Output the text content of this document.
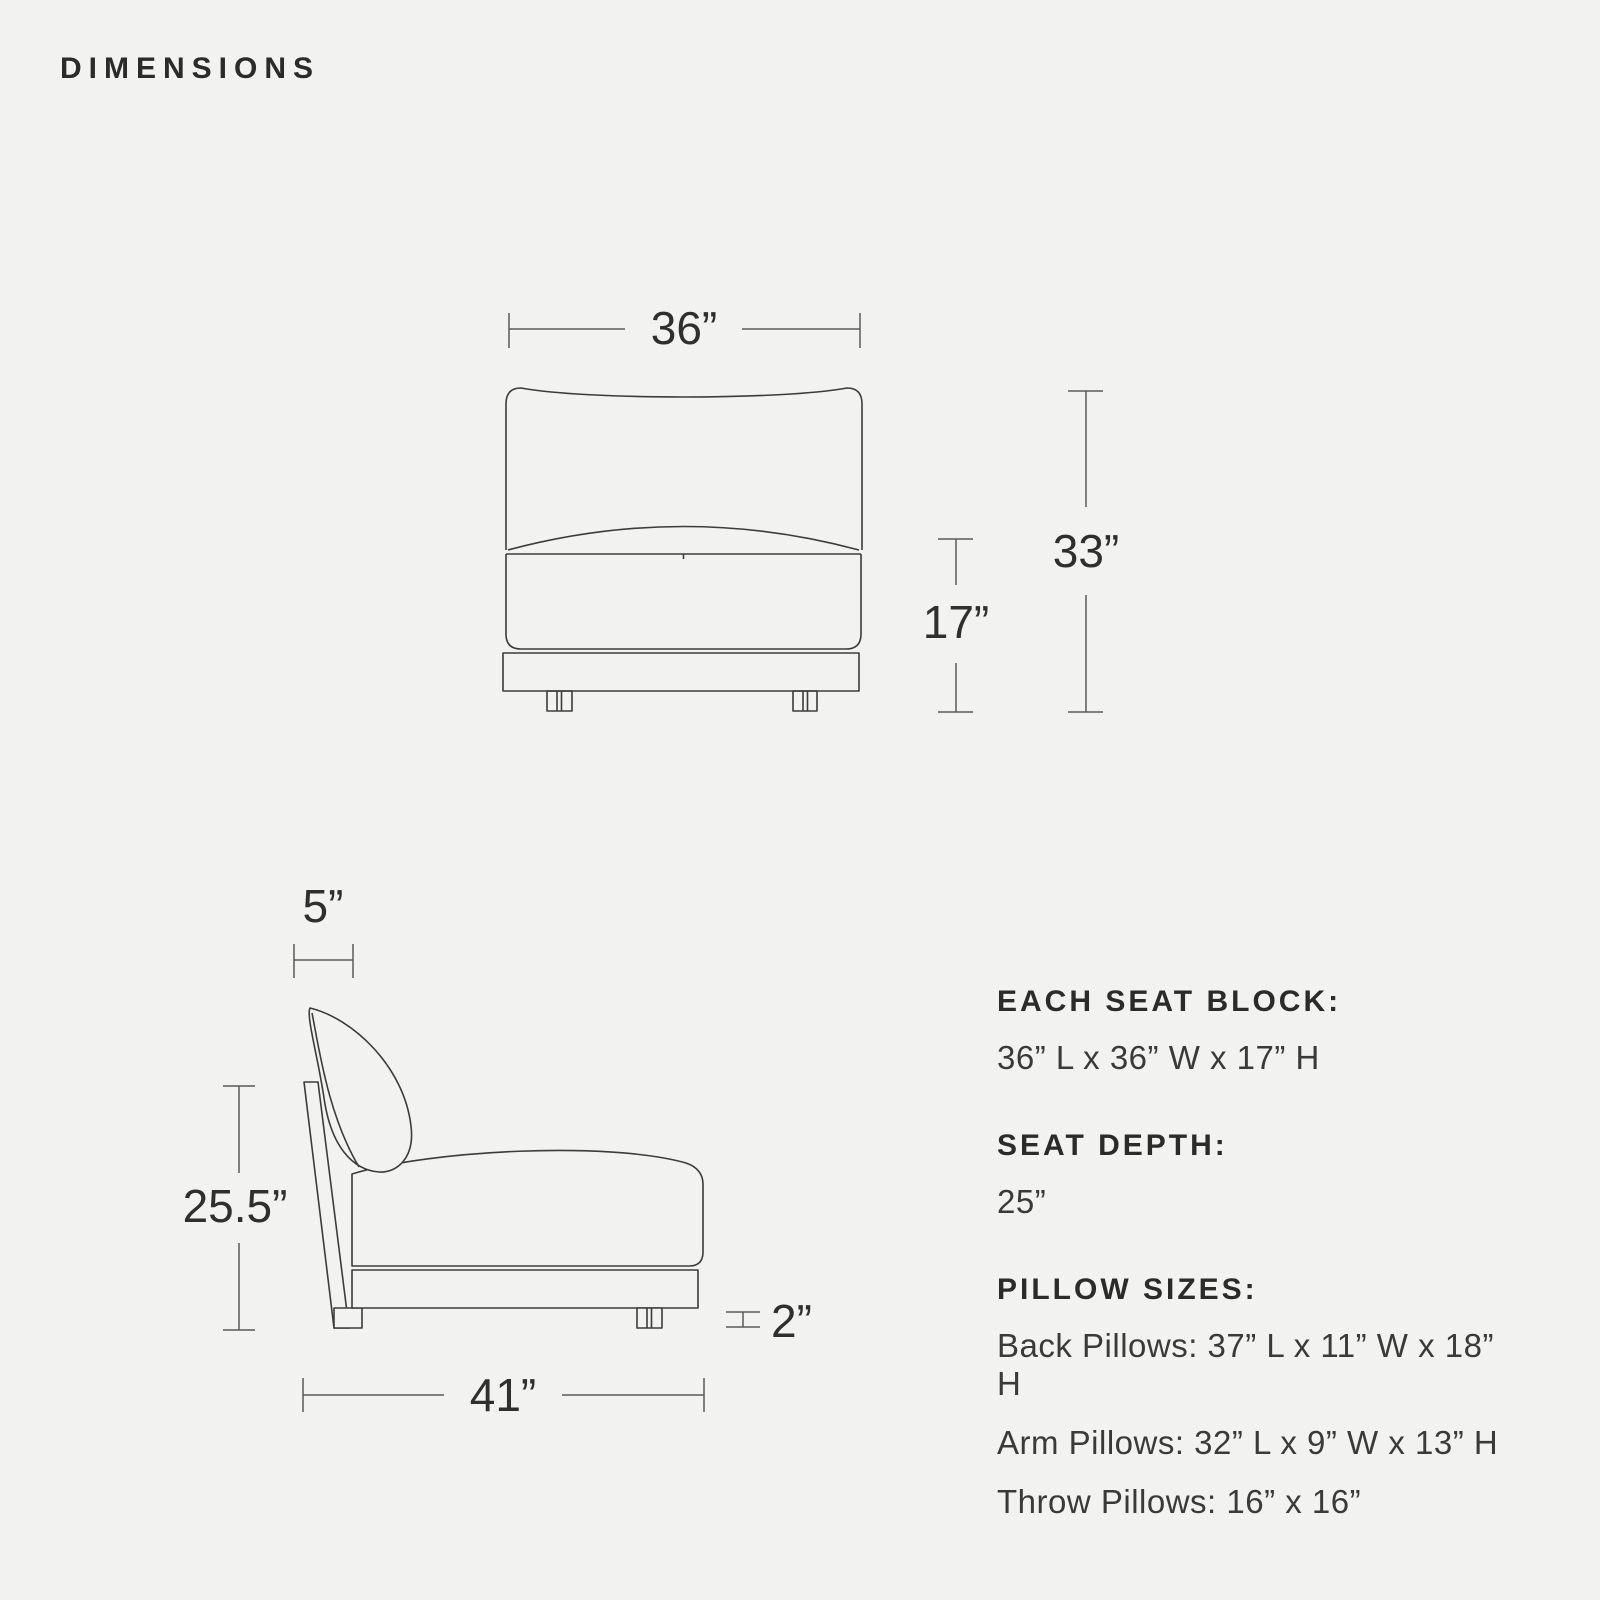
DIMENSIONS
36”
17”
33”
5”
25.5”
2”
41”
EACH SEAT BLOCK:
36” L x 36” W x 17” H
SEAT DEPTH:
25”
PILLOW SIZES:
Back Pillows: 37” L x 11” W x 18” H
Arm Pillows: 32” L x 9” W x 13” H
Throw Pillows: 16” x 16”
